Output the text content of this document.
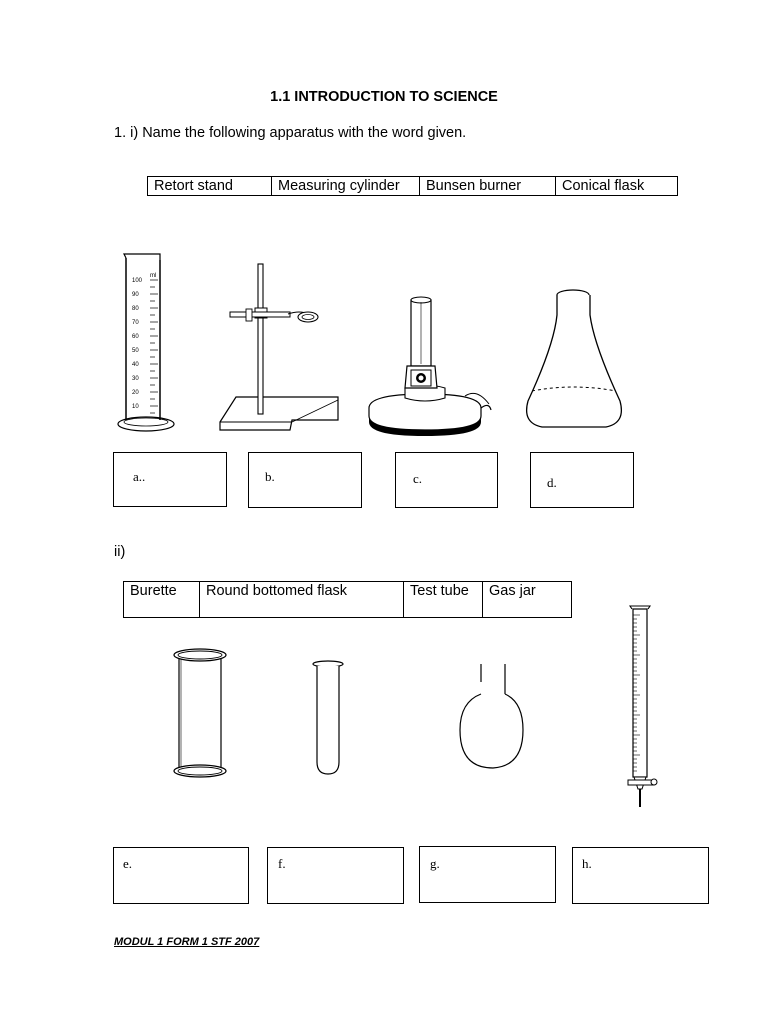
1.1 INTRODUCTION TO SCIENCE
1. i) Name the following apparatus with the word given.
Retort stand	Measuring cylinder	Bunsen burner	Conical flask
100
90
80
70
60
50
40
30
20
10
ml
a..	b.	c.	d.
ii)
Burette	Round bottomed flask	Test tube	Gas jar
e.	f.	g.	h.
MODUL 1 FORM 1 STF 2007
